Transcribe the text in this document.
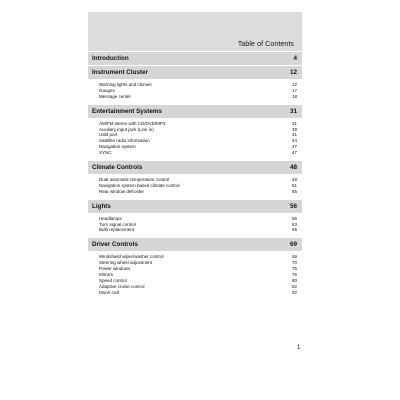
Table of Contents
Introduction	4
Instrument Cluster	12
Warning lights and chimes	12
Gauges	17
Message center	18
Entertainment Systems	31
AM/FM stereo with CD/DVD/MP3	31
Auxiliary input jack (Line in)	39
USB port	41
Satellite radio information	44
Navigation system	47
SYNC	47
Climate Controls	48
Dual automatic temperature control	48
Navigation system based climate control	51
Rear window defroster	55
Lights	56
Headlamps	56
Turn signal control	63
Bulb replacement	65
Driver Controls	69
Windshield wiper/washer control	69
Steering wheel adjustment	70
Power windows	75
Mirrors	76
Speed control	80
Adaptive cruise control	82
Moon roof	92
1
